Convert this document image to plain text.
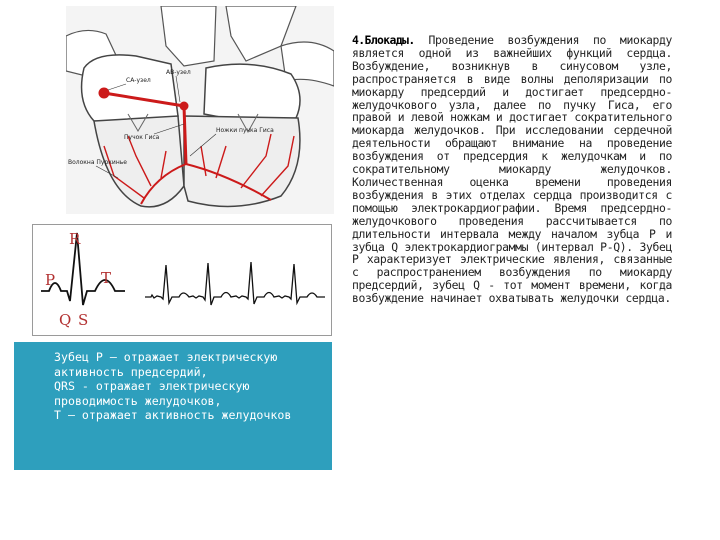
СА-узел
АВ-узел
Пучок Гиса
Ножки пучка Гиса
Волокна Пуркинье
R
P	T
Q S

Зубец P – отражает электрическую активность предсердий,

QRS - отражает электрическую проводимость желудочков,

T – отражает активность желудочков

4.Блокады. Проведение возбуждения по миокарду является одной из важнейших функций сердца. Возбуждение, возникнув в синусовом узле, распространяется в виде волны деполяризации по миокарду предсердий и достигает предсердно-желудочкового узла, далее по пучку Гиса, его правой и левой ножкам и достигает сократительного миокарда желудочков. При исследовании сердечной деятельности обращают внимание на проведение возбуждения от предсердия к желудочкам и по сократительному миокарду желудочков. Количественная оценка времени проведения возбуждения в этих отделах сердца производится с помощью электрокардиографии. Время предсердно-желудочкового проведения рассчитывается по длительности интервала между началом зубца P и зубца Q электрокардиограммы (интервал P-Q). Зубец P характеризует электрические явления, связанные с распространением возбуждения по миокарду предсердий, зубец Q - тот момент времени, когда возбуждение начинает охватывать желудочки сердца.
